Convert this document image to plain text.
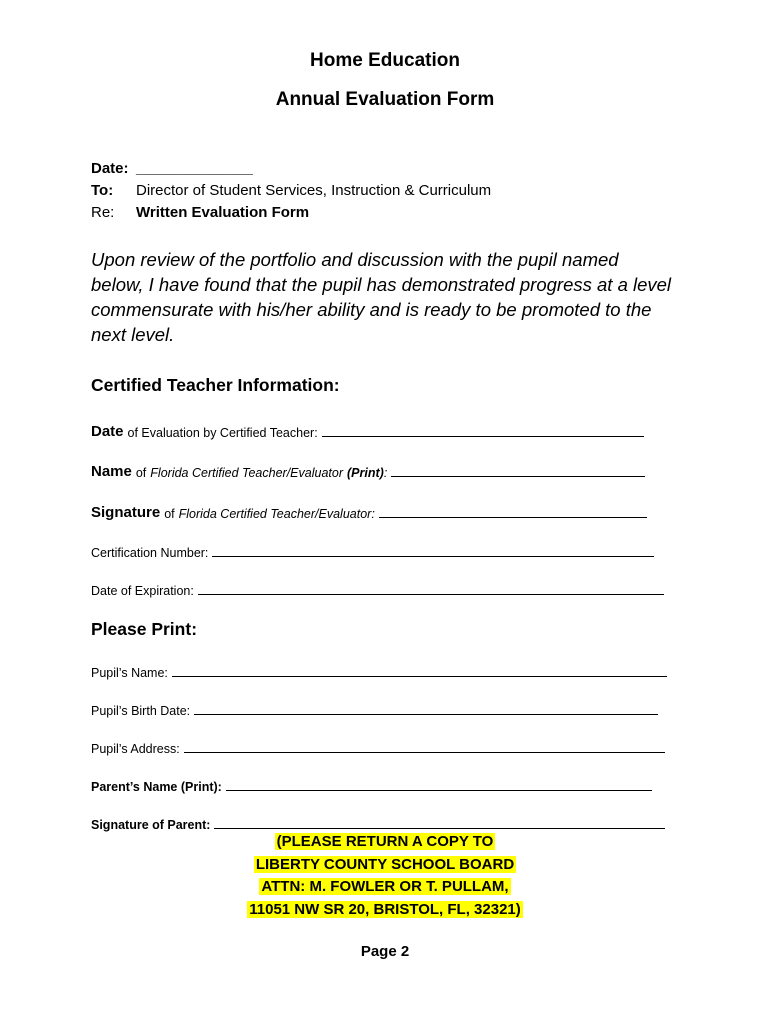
Home Education
Annual Evaluation Form
Date: ______________
To: Director of Student Services, Instruction & Curriculum
Re: Written Evaluation Form
Upon review of the portfolio and discussion with the pupil named
below, I have found that the pupil has demonstrated progress at a level
commensurate with his/her ability and is ready to be promoted to the
next level.
Certified Teacher Information:
Date of Evaluation by Certified Teacher:
Name of Florida Certified Teacher/Evaluator (Print) :
Signature of Florida Certified Teacher/Evaluator:
Certification Number:
Date of Expiration:
Please Print:
Pupil’s Name:
Pupil’s Birth Date:
Pupil’s Address:
Parent’s Name (Print):
Signature of Parent:
(PLEASE RETURN A COPY TO
LIBERTY COUNTY SCHOOL BOARD
ATTN: M. FOWLER OR T. PULLAM,
11051 NW SR 20, BRISTOL, FL, 32321)
Page 2
